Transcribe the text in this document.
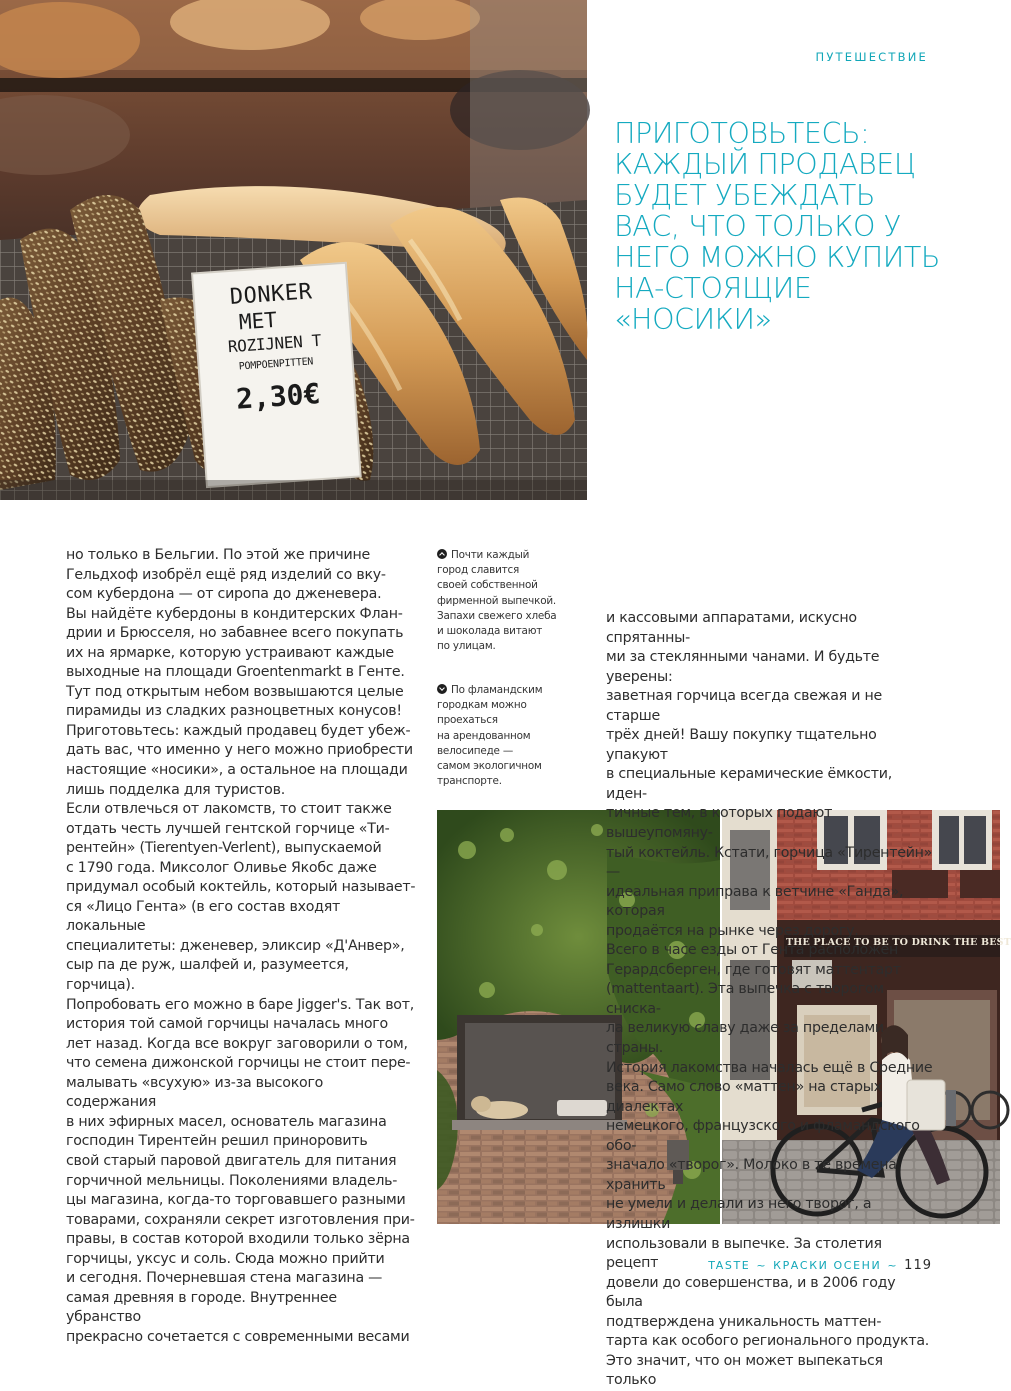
DONKER
MET
ROZIJNEN T
POMPOENPITTEN
2,30€
THE PLACE TO BE TO DRINK THE BEST
ПУТЕШЕСТВИЕ
ПРИГОТОВЬТЕСЬ: КАЖДЫЙ ПРОДАВЕЦ БУДЕТ УБЕЖДАТЬ ВАС, ЧТО ТОЛЬКО У НЕГО МОЖНО КУПИТЬ НА-СТОЯЩИЕ «НОСИКИ»

но только в Бельгии. По этой же причине
Гельдхоф изобрёл ещё ряд изделий со вку-
сом кубердона — от сиропа до дженевера.
Вы найдёте кубердоны в кондитерских Флан-
дрии и Брюсселя, но забавнее всего покупать
их на ярмарке, которую устраивают каждые
выходные на площади Groentenmarkt в Генте.
Тут под открытым небом возвышаются целые
пирамиды из сладких разноцветных конусов!
Приготовьтесь: каждый продавец будет убеж-
дать вас, что именно у него можно приобрести
настоящие «носики», а остальное на площади
лишь подделка для туристов.
Если отвлечься от лакомств, то стоит также
отдать честь лучшей гентской горчице «Ти-
рентейн» (Tierentyen-Verlent), выпускаемой
с 1790 года. Миксолог Оливье Якобс даже
придумал особый коктейль, который называет-
ся «Лицо Гента» (в его состав входят локальные
специалитеты: дженевер, эликсир «Д'Анвер»,
сыр па де руж, шалфей и, разумеется, горчица).
Попробовать его можно в баре Jigger's. Так вот,
история той самой горчицы началась много
лет назад. Когда все вокруг заговорили о том,
что семена дижонской горчицы не стоит пере-
малывать «всухую» из-за высокого содержания
в них эфирных масел, основатель магазина
господин Тирентейн решил приноровить
свой старый паровой двигатель для питания
горчичной мельницы. Поколениями владель-
цы магазина, когда-то торговавшего разными
товарами, сохраняли секрет изготовления при-
правы, в состав которой входили только зёрна
горчицы, уксус и соль. Сюда можно прийти
и сегодня. Почерневшая стена магазина —
самая древняя в городе. Внутреннее убранство
прекрасно сочетается с современными весами

и кассовыми аппаратами, искусно спрятанны-
ми за стеклянными чанами. И будьте уверены:
заветная горчица всегда свежая и не старше
трёх дней! Вашу покупку тщательно упакуют
в специальные керамические ёмкости, иден-
тичные тем, в которых подают вышеупомяну-
тый коктейль. Кстати, горчица «Тирентейн» —
идеальная приправа к ветчине «Ганда», которая
продаётся на рынке через дорогу.
Всего в часе езды от Гента расположен
Герардсберген, где готовят маттентарт
(mattentaart). Эта выпечка с творогом снискa-
ла великую славу даже за пределами страны.
История лакомства началась ещё в Средние
века. Само слово «маттен» на старых диалектах
немецкого, французского и фламандского обо-
значало «творог». Молоко в те времена хранить
не умели и делали из него творог, а излишки
использовали в выпечке. За столетия рецепт
довели до совершенства, и в 2006 году была
подтверждена уникальность маттен-
тарта как особого регионального продукта.
Это значит, что он может выпекаться только

Почти каждый
город славится
своей собственной
фирменной выпечкой.
Запахи свежего хлеба
и шоколада витают
по улицам.

По фламандским
городкам можно
проехаться
на арендованном
велосипеде —
самом экологичном
транспорте.

TASTE ~ КРАСКИ ОСЕНИ ~ 119
